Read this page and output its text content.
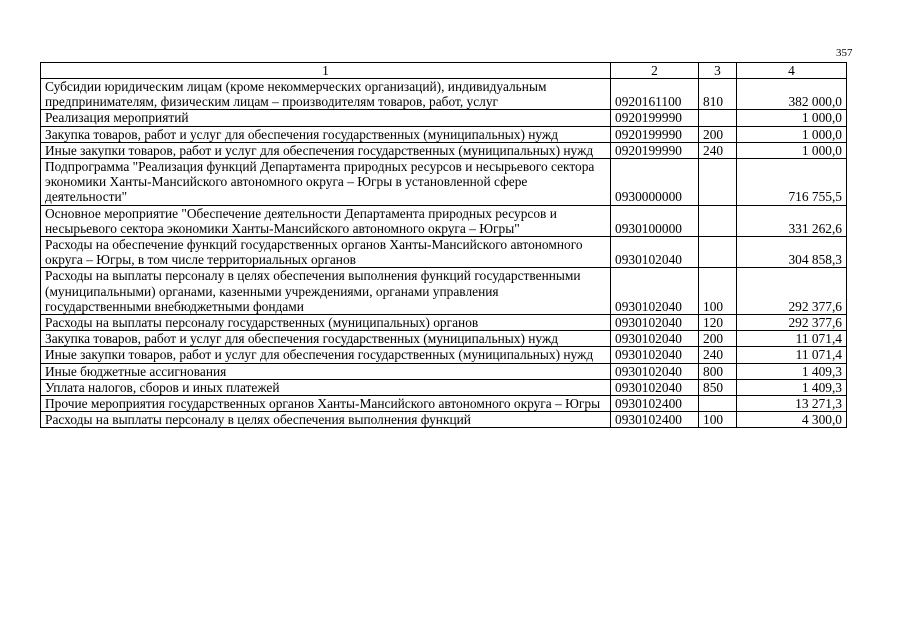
357
1	2	3	4
Субсидии юридическим лицам (кроме некоммерческих организаций), индивидуальным предпринимателям, физическим лицам – производителям товаров, работ, услуг	0920161100	810	382 000,0
Реализация мероприятий	0920199990		1 000,0
Закупка товаров, работ и услуг для обеспечения государственных (муниципальных) нужд	0920199990	200	1 000,0
Иные закупки товаров, работ и услуг для обеспечения государственных (муниципальных) нужд	0920199990	240	1 000,0
Подпрограмма "Реализация функций Департамента природных ресурсов и несырьевого сектора экономики Ханты-Мансийского автономного округа – Югры в установленной сфере деятельности"	0930000000		716 755,5
Основное мероприятие "Обеспечение деятельности Департамента природных ресурсов и несырьевого сектора экономики Ханты-Мансийского автономного округа – Югры"	0930100000		331 262,6
Расходы на обеспечение функций государственных органов Ханты-Мансийского автономного округа – Югры, в том числе территориальных органов	0930102040		304 858,3
Расходы на выплаты персоналу в целях обеспечения выполнения функций государственными (муниципальными) органами, казенными учреждениями, органами управления государственными внебюджетными фондами	0930102040	100	292 377,6
Расходы на выплаты персоналу государственных (муниципальных) органов	0930102040	120	292 377,6
Закупка товаров, работ и услуг для обеспечения государственных (муниципальных) нужд	0930102040	200	11 071,4
Иные закупки товаров, работ и услуг для обеспечения государственных (муниципальных) нужд	0930102040	240	11 071,4
Иные бюджетные ассигнования	0930102040	800	1 409,3
Уплата налогов, сборов и иных платежей	0930102040	850	1 409,3
Прочие мероприятия государственных органов Ханты-Мансийского автономного округа – Югры	0930102400		13 271,3
Расходы на выплаты персоналу в целях обеспечения выполнения функций	0930102400	100	4 300,0
